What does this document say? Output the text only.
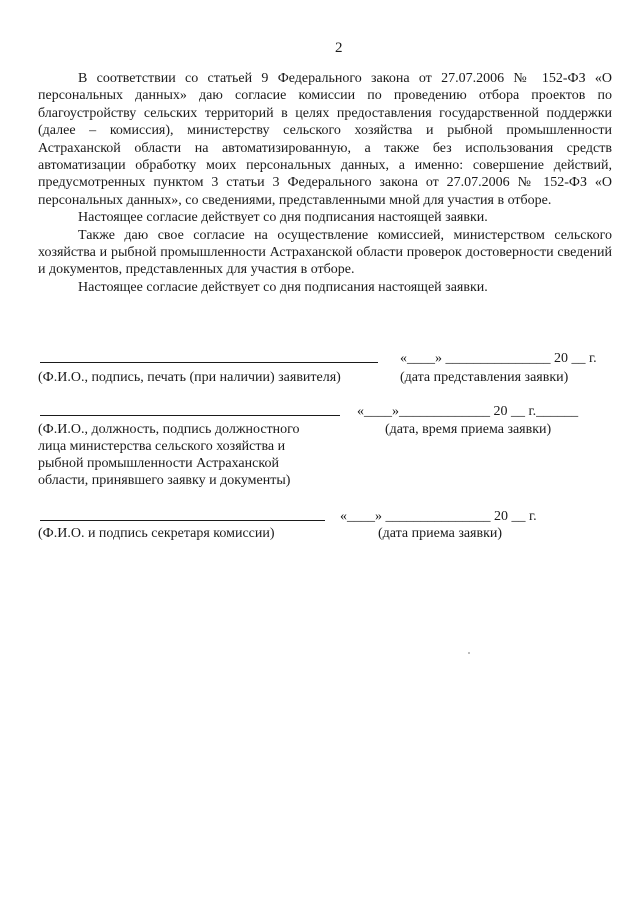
2

В соответствии со статьей 9 Федерального закона от 27.07.2006 № 152-ФЗ «О персональных данных» даю согласие комиссии по проведению отбора проектов по благоустройству сельских территорий в целях предоставления государственной поддержки (далее – комиссия), министерству сельского хозяйства и рыбной промышленности Астраханской области на автоматизированную, а также без использования средств автоматизации обработку моих персональных данных, а именно: совершение действий, предусмотренных пунктом 3 статьи 3 Федерального закона от 27.07.2006 № 152-ФЗ «О персональных данных», со сведениями, представленными мной для участия в отборе.

Настоящее согласие действует со дня подписания настоящей заявки.

Также даю свое согласие на осуществление комиссией, министерством сельского хозяйства и рыбной промышленности Астраханской области проверок достоверности сведений и документов, представленных для участия в отборе.

Настоящее согласие действует со дня подписания настоящей заявки.

«____» _______________ 20 __ г.
(Ф.И.О., подпись, печать (при наличии) заявителя)	(дата представления заявки)
«____»_____________ 20 __ г.______
(Ф.И.О., должность, подпись должностного лица министерства сельского хозяйства и рыбной промышленности Астраханской области, принявшего заявку и документы)
(дата, время приема заявки)
«____» _______________ 20 __ г.
(Ф.И.О. и подпись секретаря комиссии)	(дата приема заявки)
